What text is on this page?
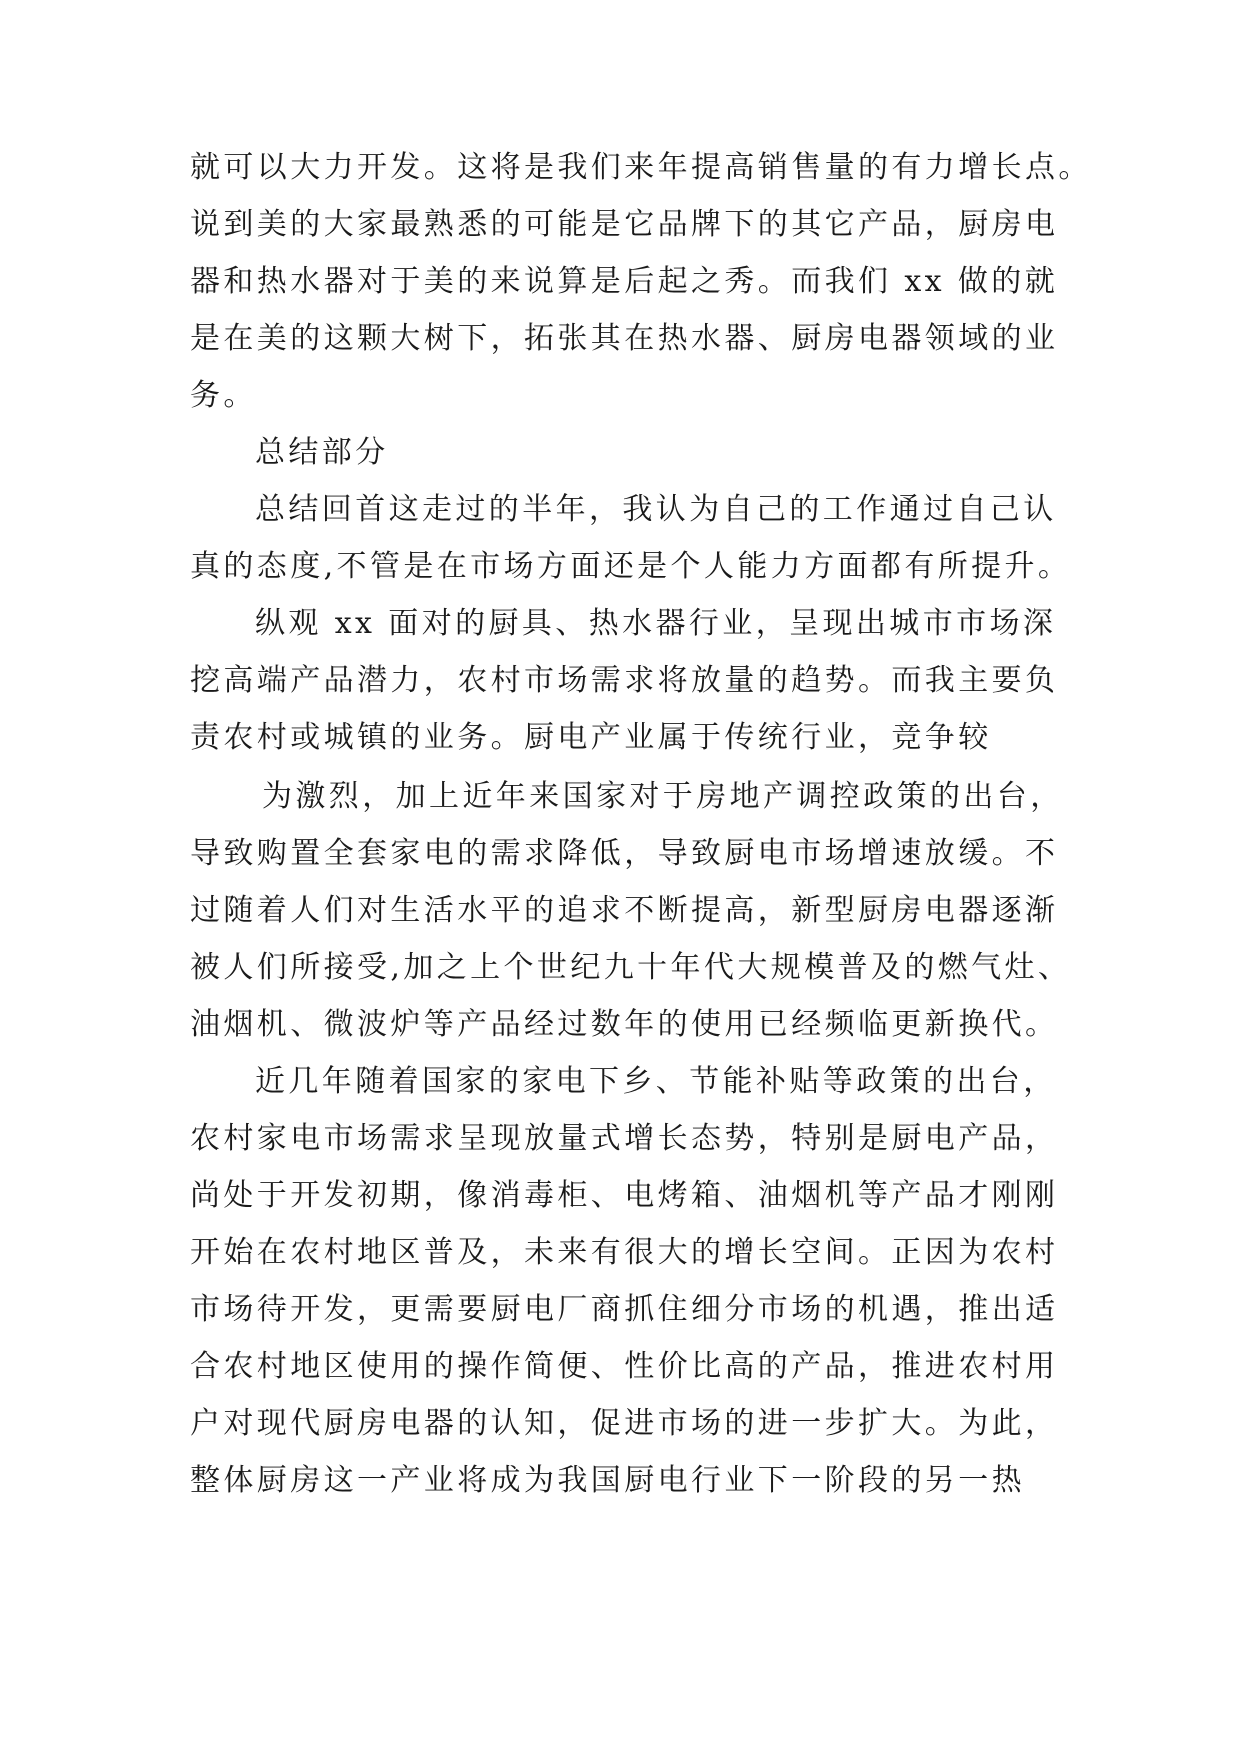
就可以大力开发。这将是我们来年提高销售量的有力增长点。
说到美的大家最熟悉的可能是它品牌下的其它产品，厨房电
器和热水器对于美的来说算是后起之秀。而我们 xx 做的就
是在美的这颗大树下，拓张其在热水器、厨房电器领域的业
务。
总结部分
总结回首这走过的半年，我认为自己的工作通过自己认
真的态度,不管是在市场方面还是个人能力方面都有所提升。
纵观 xx 面对的厨具、热水器行业，呈现出城市市场深
挖高端产品潜力，农村市场需求将放量的趋势。而我主要负
责农村或城镇的业务。厨电产业属于传统行业，竞争较
为激烈，加上近年来国家对于房地产调控政策的出台，
导致购置全套家电的需求降低，导致厨电市场增速放缓。不
过随着人们对生活水平的追求不断提高，新型厨房电器逐渐
被人们所接受,加之上个世纪九十年代大规模普及的燃气灶、
油烟机、微波炉等产品经过数年的使用已经频临更新换代。
近几年随着国家的家电下乡、节能补贴等政策的出台，
农村家电市场需求呈现放量式增长态势，特别是厨电产品，
尚处于开发初期，像消毒柜、电烤箱、油烟机等产品才刚刚
开始在农村地区普及，未来有很大的增长空间。正因为农村
市场待开发，更需要厨电厂商抓住细分市场的机遇，推出适
合农村地区使用的操作简便、性价比高的产品，推进农村用
户对现代厨房电器的认知，促进市场的进一步扩大。为此，
整体厨房这一产业将成为我国厨电行业下一阶段的另一热
